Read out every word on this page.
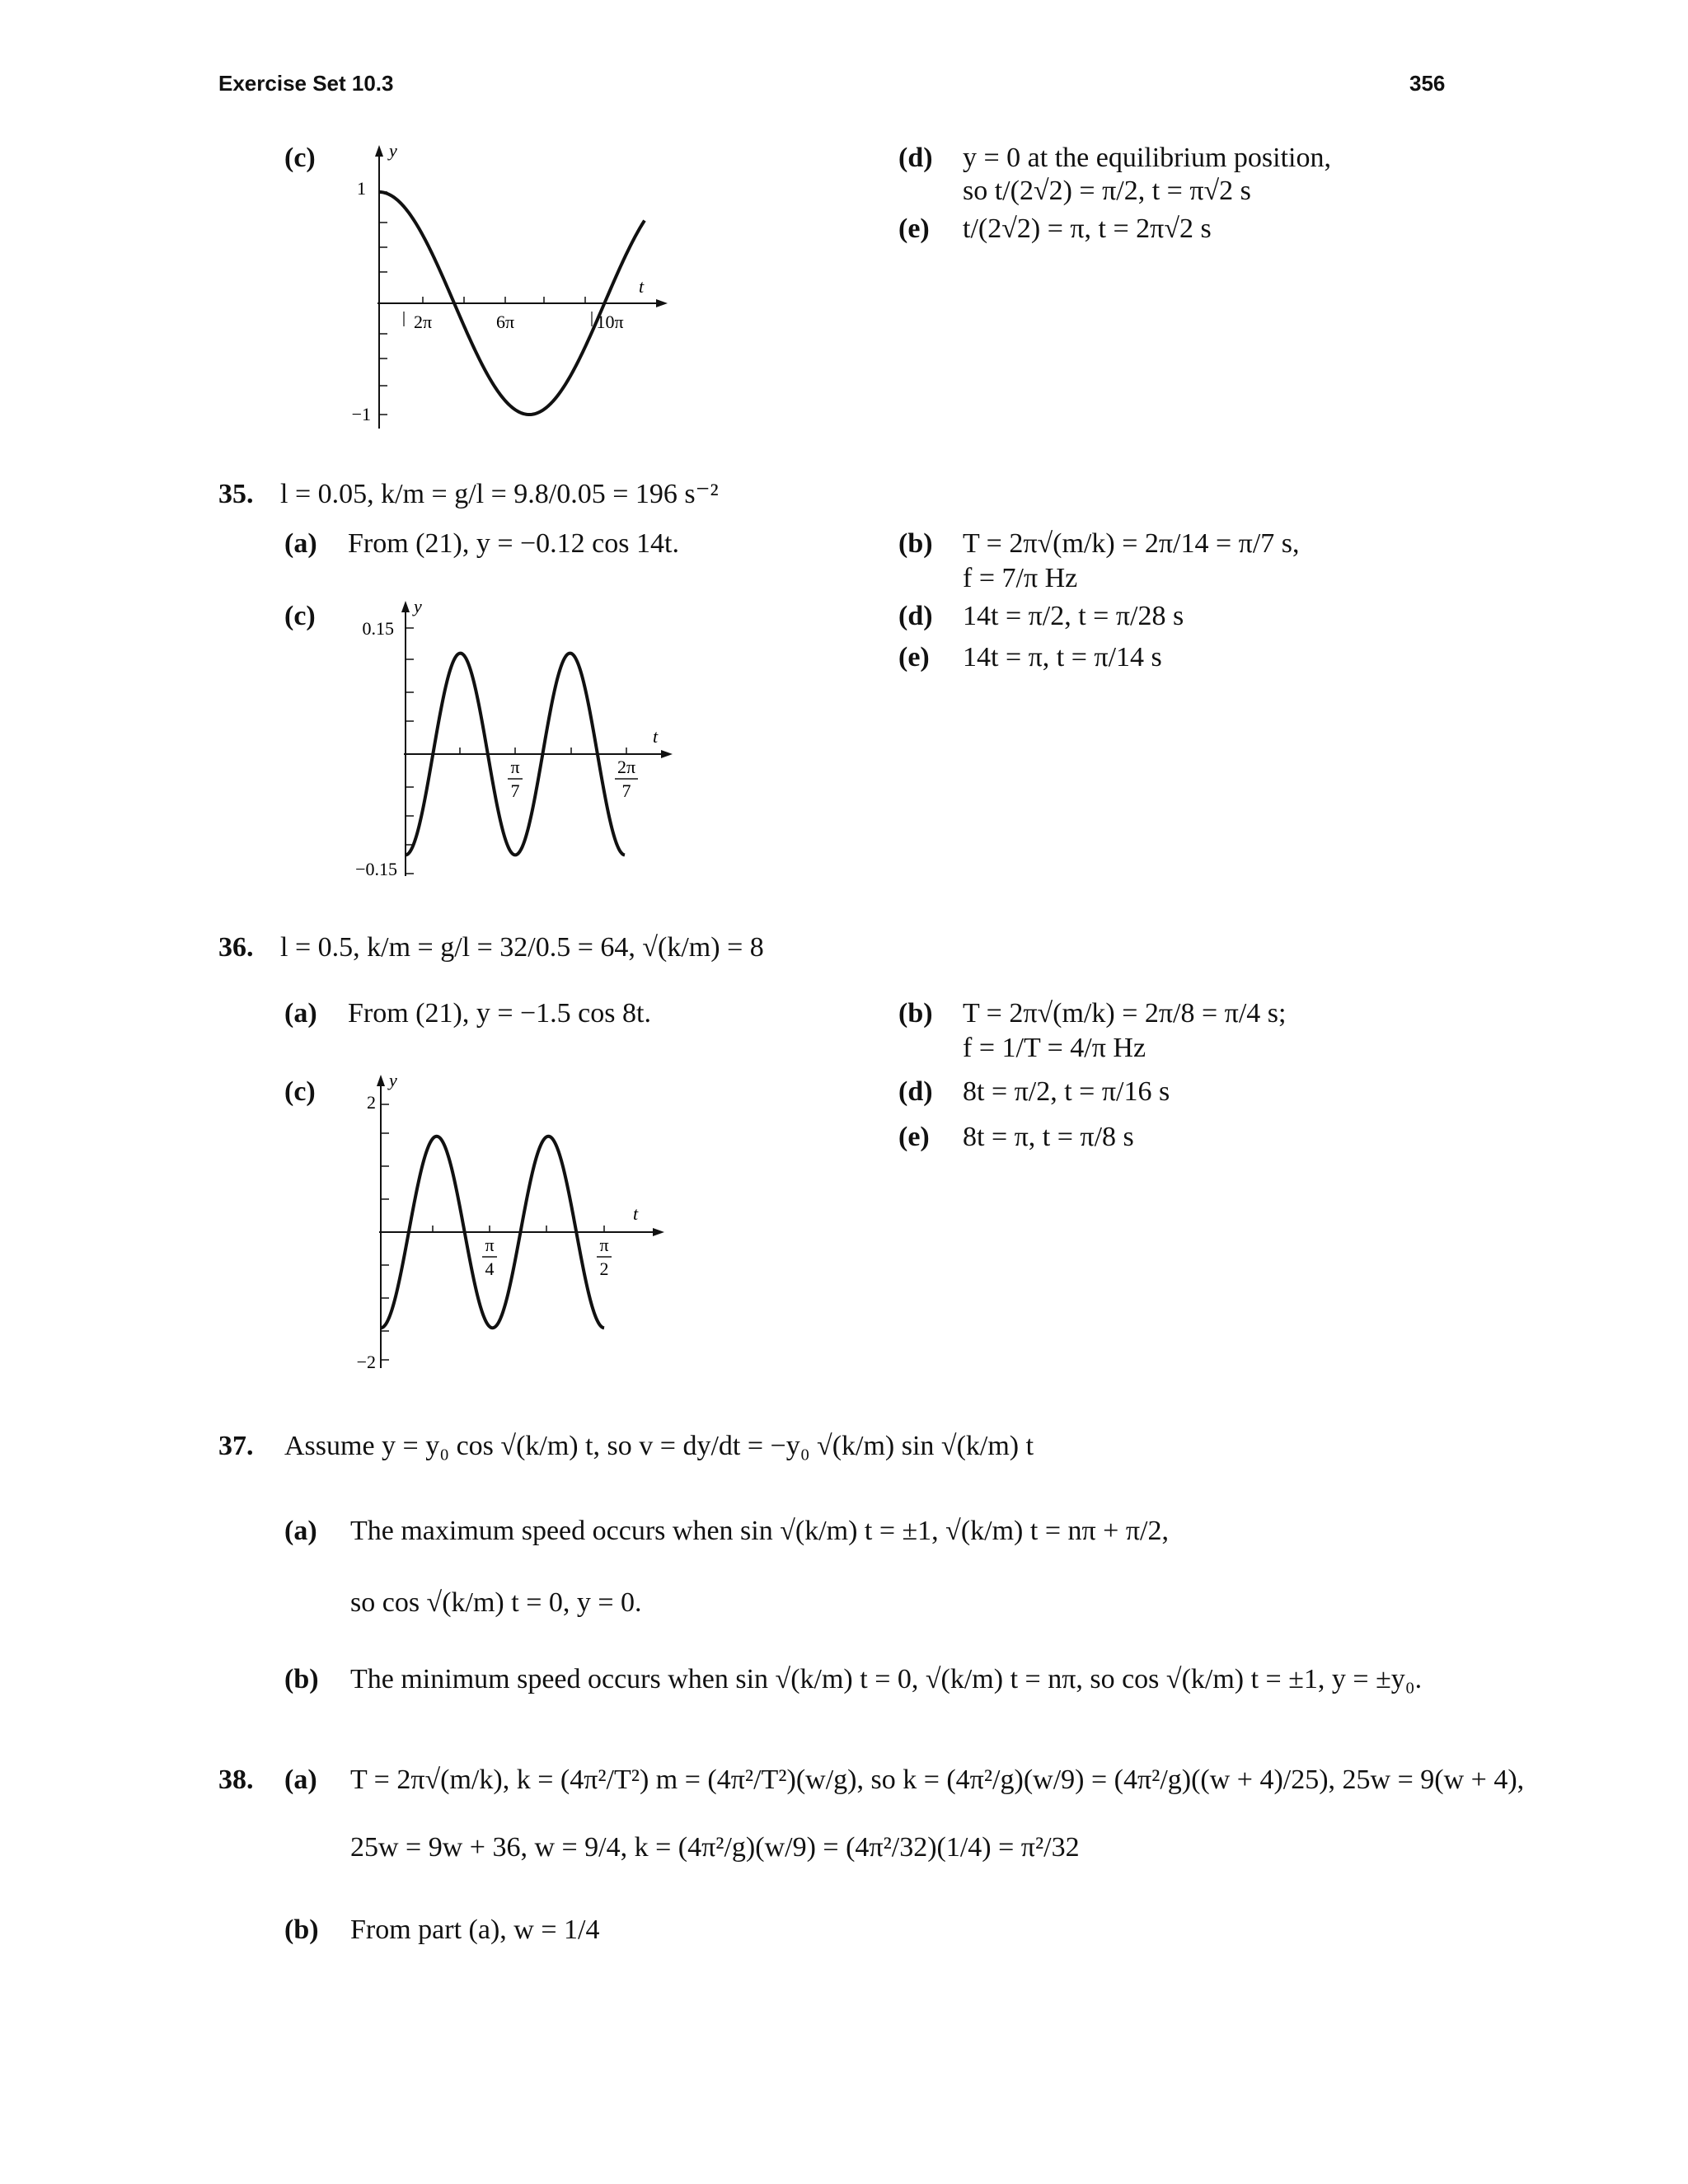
Exercise Set 10.3	356
(c)	y
t
1
−1
2π	6π	10π
(d) y = 0 at the equilibrium position,
so t/(2√2) = π/2, t = π√2 s
(e) t/(2√2) = π, t = 2π√2 s
35. l = 0.05, k/m = g/l = 9.8/0.05 = 196 s⁻²
(a) From (21), y = −0.12 cos 14t.	(b) T = 2π√(m/k) = 2π/14 = π/7 s,
f = 7/π Hz
(c)	y
t
0.15
−0.15
π
7
2π
7
(d) 14t = π/2, t = π/28 s
(e) 14t = π, t = π/14 s
36. l = 0.5, k/m = g/l = 32/0.5 = 64, √(k/m) = 8
(a) From (21), y = −1.5 cos 8t.	(b) T = 2π√(m/k) = 2π/8 = π/4 s;
f = 1/T = 4/π Hz
(c)	y
t
2
−2
π
4
π
2
(d) 8t = π/2, t = π/16 s
(e) 8t = π, t = π/8 s
37. Assume y = y₀ cos √(k/m) t, so v = dy/dt = −y₀ √(k/m) sin √(k/m) t
(a) The maximum speed occurs when sin √(k/m) t = ±1, √(k/m) t = nπ + π/2,
so cos √(k/m) t = 0, y = 0.
(b) The minimum speed occurs when sin √(k/m) t = 0, √(k/m) t = nπ, so cos √(k/m) t = ±1, y = ±y₀.
38. (a) T = 2π√(m/k), k = (4π²/T²) m = (4π²/T²)(w/g), so k = (4π²/g)(w/9) = (4π²/g)((w + 4)/25), 25w = 9(w + 4),
25w = 9w + 36, w = 9/4, k = (4π²/g)(w/9) = (4π²/32)(1/4) = π²/32
(b) From part (a), w = 1/4
